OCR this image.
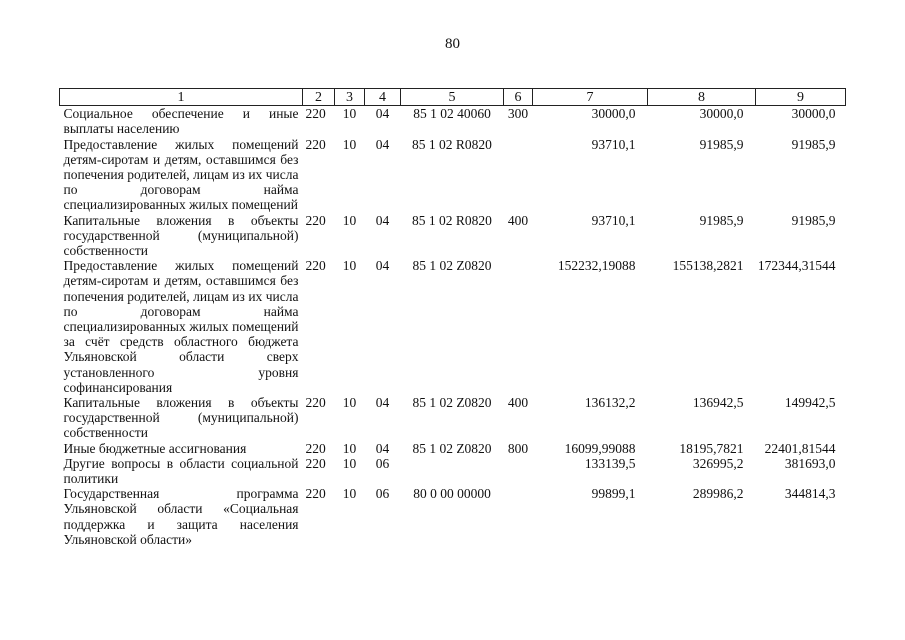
80
1	2	3	4	5	6	7	8	9
Социальное обеспечение и иные выплаты населению	220	10	04	85 1 02 40060	300	30000,0	30000,0	30000,0
Предоставление жилых помещений детям-сиротам и детям, оставшимся без попечения родителей, лицам из их числа по договорам найма специализированных жилых помещений	220	10	04	85 1 02 R0820		93710,1	91985,9	91985,9
Капитальные вложения в объекты государственной (муниципальной) собственности	220	10	04	85 1 02 R0820	400	93710,1	91985,9	91985,9
Предоставление жилых помещений детям-сиротам и детям, оставшимся без попечения родителей, лицам из их числа по договорам найма специализированных жилых помещений за счёт средств областного бюджета Ульяновской области сверх установленного уровня софинансирования	220	10	04	85 1 02 Z0820		152232,19088	155138,2821	172344,31544
Капитальные вложения в объекты государственной (муниципальной) собственности	220	10	04	85 1 02 Z0820	400	136132,2	136942,5	149942,5
Иные бюджетные ассигнования	220	10	04	85 1 02 Z0820	800	16099,99088	18195,7821	22401,81544
Другие вопросы в области социальной политики	220	10	06			133139,5	326995,2	381693,0
Государственная программа Ульяновской области «Социальная поддержка и защита населения Ульяновской области»	220	10	06	80 0 00 00000		99899,1	289986,2	344814,3
